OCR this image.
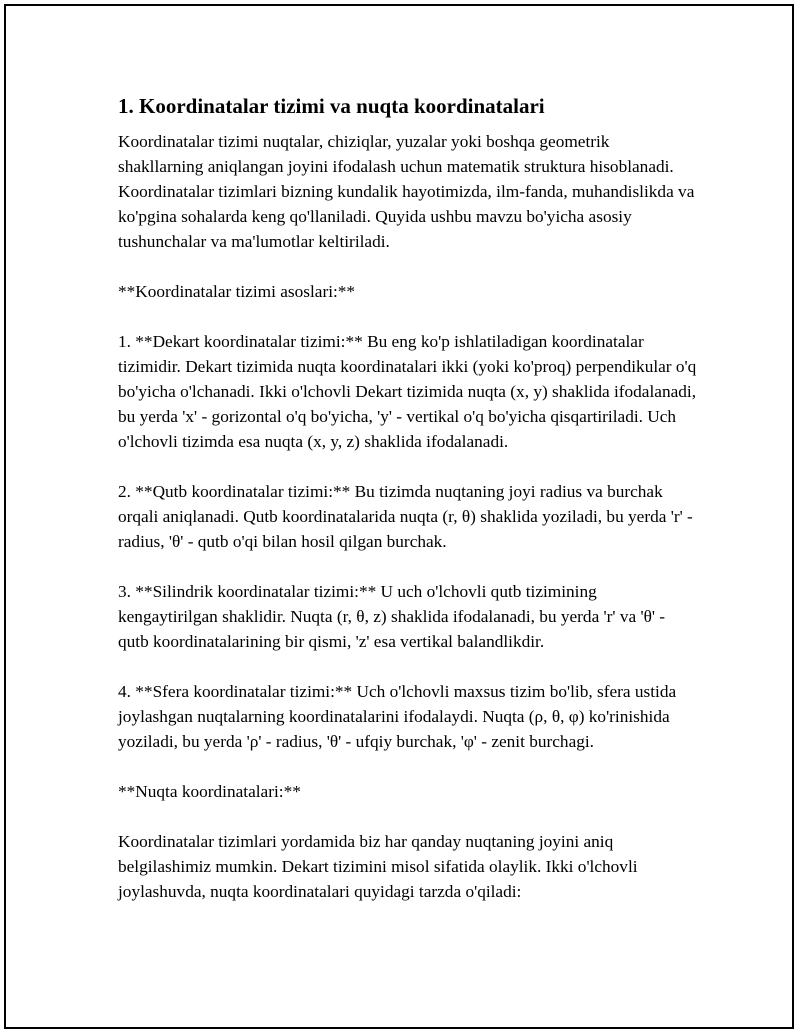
1. Koordinatalar tizimi va nuqta koordinatalari

Koordinatalar tizimi nuqtalar, chiziqlar, yuzalar yoki boshqa geometrik shakllarning aniqlangan joyini ifodalash uchun matematik struktura hisoblanadi. Koordinatalar tizimlari bizning kundalik hayotimizda, ilm-fanda, muhandislikda va ko'pgina sohalarda keng qo'llaniladi. Quyida ushbu mavzu bo'yicha asosiy tushunchalar va ma'lumotlar keltiriladi.

**Koordinatalar tizimi asoslari:**

1. **Dekart koordinatalar tizimi:** Bu eng ko'p ishlatiladigan koordinatalar tizimidir. Dekart tizimida nuqta koordinatalari ikki (yoki ko'proq) perpendikular o'q bo'yicha o'lchanadi. Ikki o'lchovli Dekart tizimida nuqta (x, y) shaklida ifodalanadi, bu yerda 'x' - gorizontal o'q bo'yicha, 'y' - vertikal o'q bo'yicha qisqartiriladi. Uch o'lchovli tizimda esa nuqta (x, y, z) shaklida ifodalanadi.

2. **Qutb koordinatalar tizimi:** Bu tizimda nuqtaning joyi radius va burchak orqali aniqlanadi. Qutb koordinatalarida nuqta (r, θ) shaklida yoziladi, bu yerda 'r' - radius, 'θ' - qutb o'qi bilan hosil qilgan burchak.

3. **Silindrik koordinatalar tizimi:** U uch o'lchovli qutb tizimining kengaytirilgan shaklidir. Nuqta (r, θ, z) shaklida ifodalanadi, bu yerda 'r' va 'θ' - qutb koordinatalarining bir qismi, 'z' esa vertikal balandlikdir.

4. **Sfera koordinatalar tizimi:** Uch o'lchovli maxsus tizim bo'lib, sfera ustida joylashgan nuqtalarning koordinatalarini ifodalaydi. Nuqta (ρ, θ, φ) ko'rinishida yoziladi, bu yerda 'ρ' - radius, 'θ' - ufqiy burchak, 'φ' - zenit burchagi.

**Nuqta koordinatalari:**

Koordinatalar tizimlari yordamida biz har qanday nuqtaning joyini aniq belgilashimiz mumkin. Dekart tizimini misol sifatida olaylik. Ikki o'lchovli joylashuvda, nuqta koordinatalari quyidagi tarzda o'qiladi:
